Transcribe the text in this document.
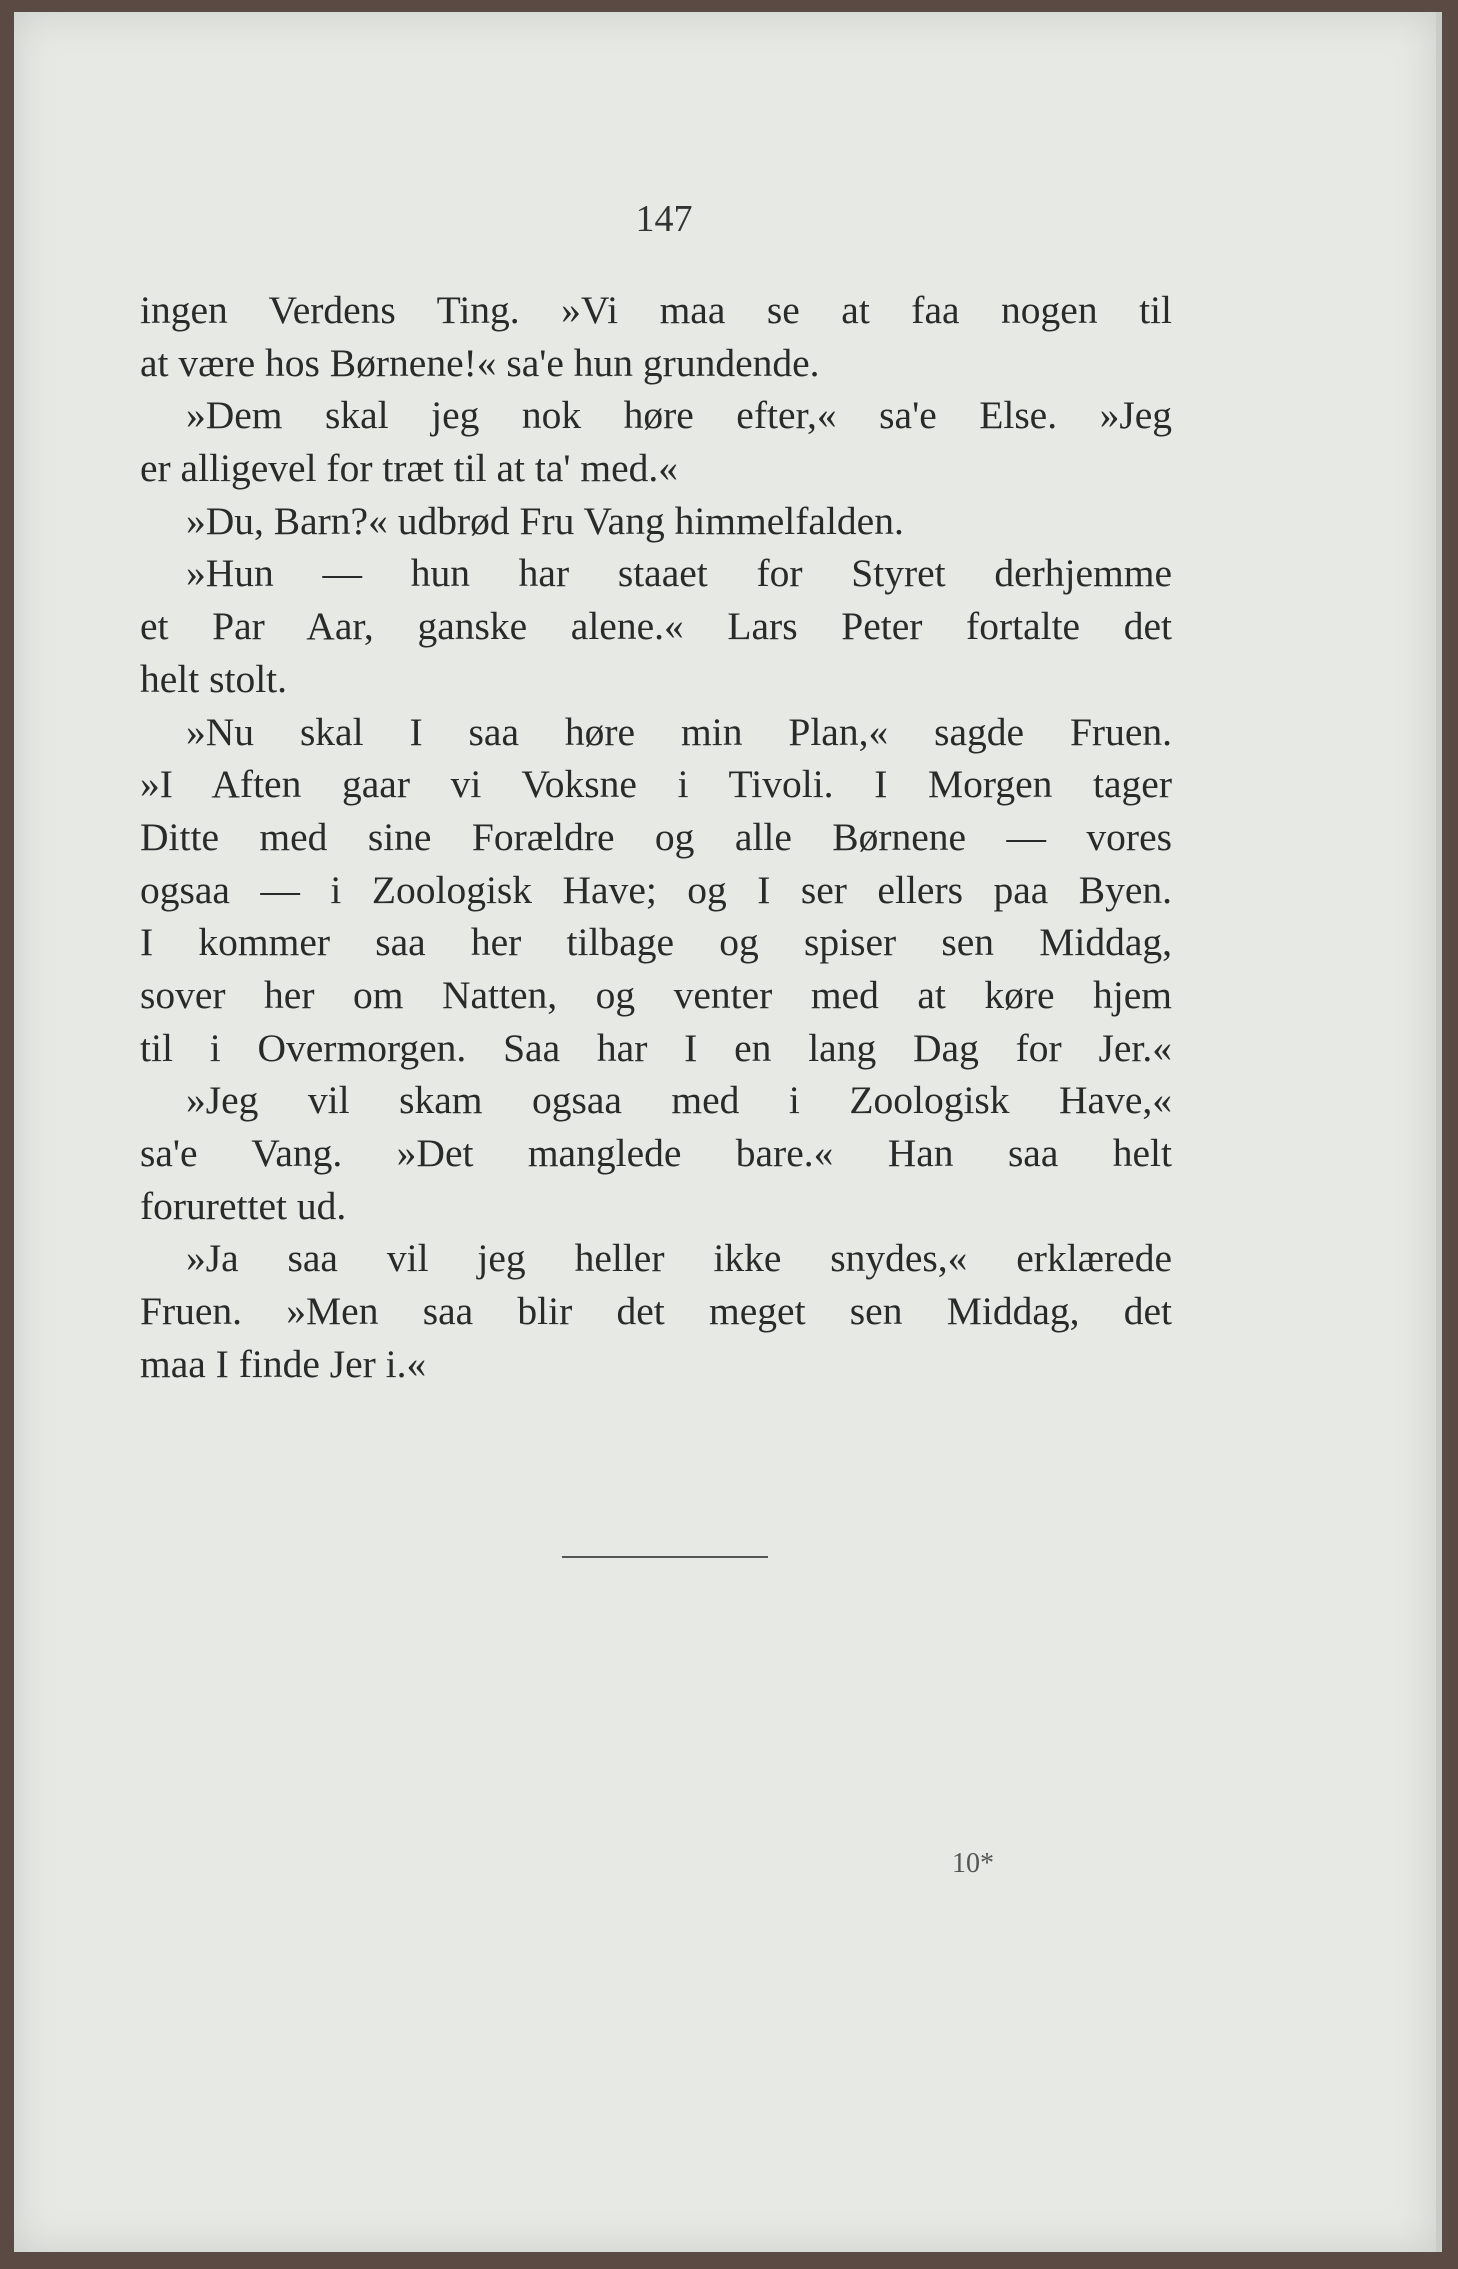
147
ingen Verdens Ting. »Vi maa se at faa nogen til
at være hos Børnene!« sa'e hun grundende.
»Dem skal jeg nok høre efter,« sa'e Else. »Jeg
er alligevel for træt til at ta' med.«
»Du, Barn?« udbrød Fru Vang himmelfalden.
»Hun — hun har staaet for Styret derhjemme
et Par Aar, ganske alene.« Lars Peter fortalte det
helt stolt.
»Nu skal I saa høre min Plan,« sagde Fruen.
»I Aften gaar vi Voksne i Tivoli. I Morgen tager
Ditte med sine Forældre og alle Børnene — vores
ogsaa — i Zoologisk Have; og I ser ellers paa Byen.
I kommer saa her tilbage og spiser sen Middag,
sover her om Natten, og venter med at køre hjem
til i Overmorgen. Saa har I en lang Dag for Jer.«
»Jeg vil skam ogsaa med i Zoologisk Have,«
sa'e Vang. »Det manglede bare.« Han saa helt
forurettet ud.
»Ja saa vil jeg heller ikke snydes,« erklærede
Fruen. »Men saa blir det meget sen Middag, det
maa I finde Jer i.«
10*
